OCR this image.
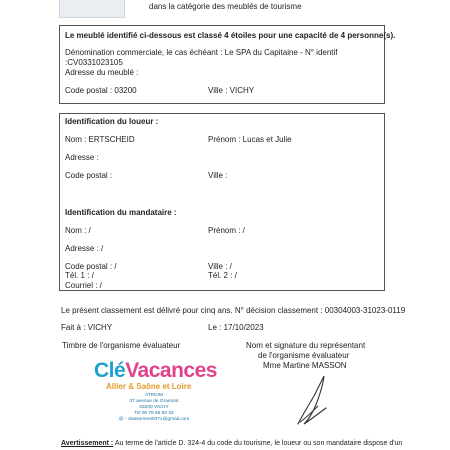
dans la catégorie des meublés de tourisme
Le meublé identifié ci-dessous est classé 4 étoiles pour une capacité de 4 personne(s).
Dénomination commerciale, le cas échéant : Le SPA du Capitaine - N° identif
:CV0331023105
Adresse du meublé :
Code postal : 03200	Ville : VICHY
Identification du loueur :
Nom : ERTSCHEID	Prénom : Lucas et Julie
Adresse :
Code postal :	Ville :
Identification du mandataire :
Nom : /	Prénom : /
Adresse : /
Code postal : /	Ville : /
Tél. 1 : /	Tél. 2 : /
Courriel : /
Le présent classement est délivré pour cinq ans. N° décision classement : 00304003-31023-0119
Fait à : VICHY	Le : 17/10/2023
Timbre de l'organisme évaluateur	Nom et signature du représentant
de l'organisme évaluateur
Mme Martine MASSON
CléVacances
Allier & Saône et Loire
ATRIUM
37 avenue de Gramont
03200 VICHY
Tel 06 76 65 93 32
@ : classement0371@gmail.com
Avertissement : Au terme de l'article D. 324-4 du code du tourisme, le loueur ou son mandataire dispose d'un
